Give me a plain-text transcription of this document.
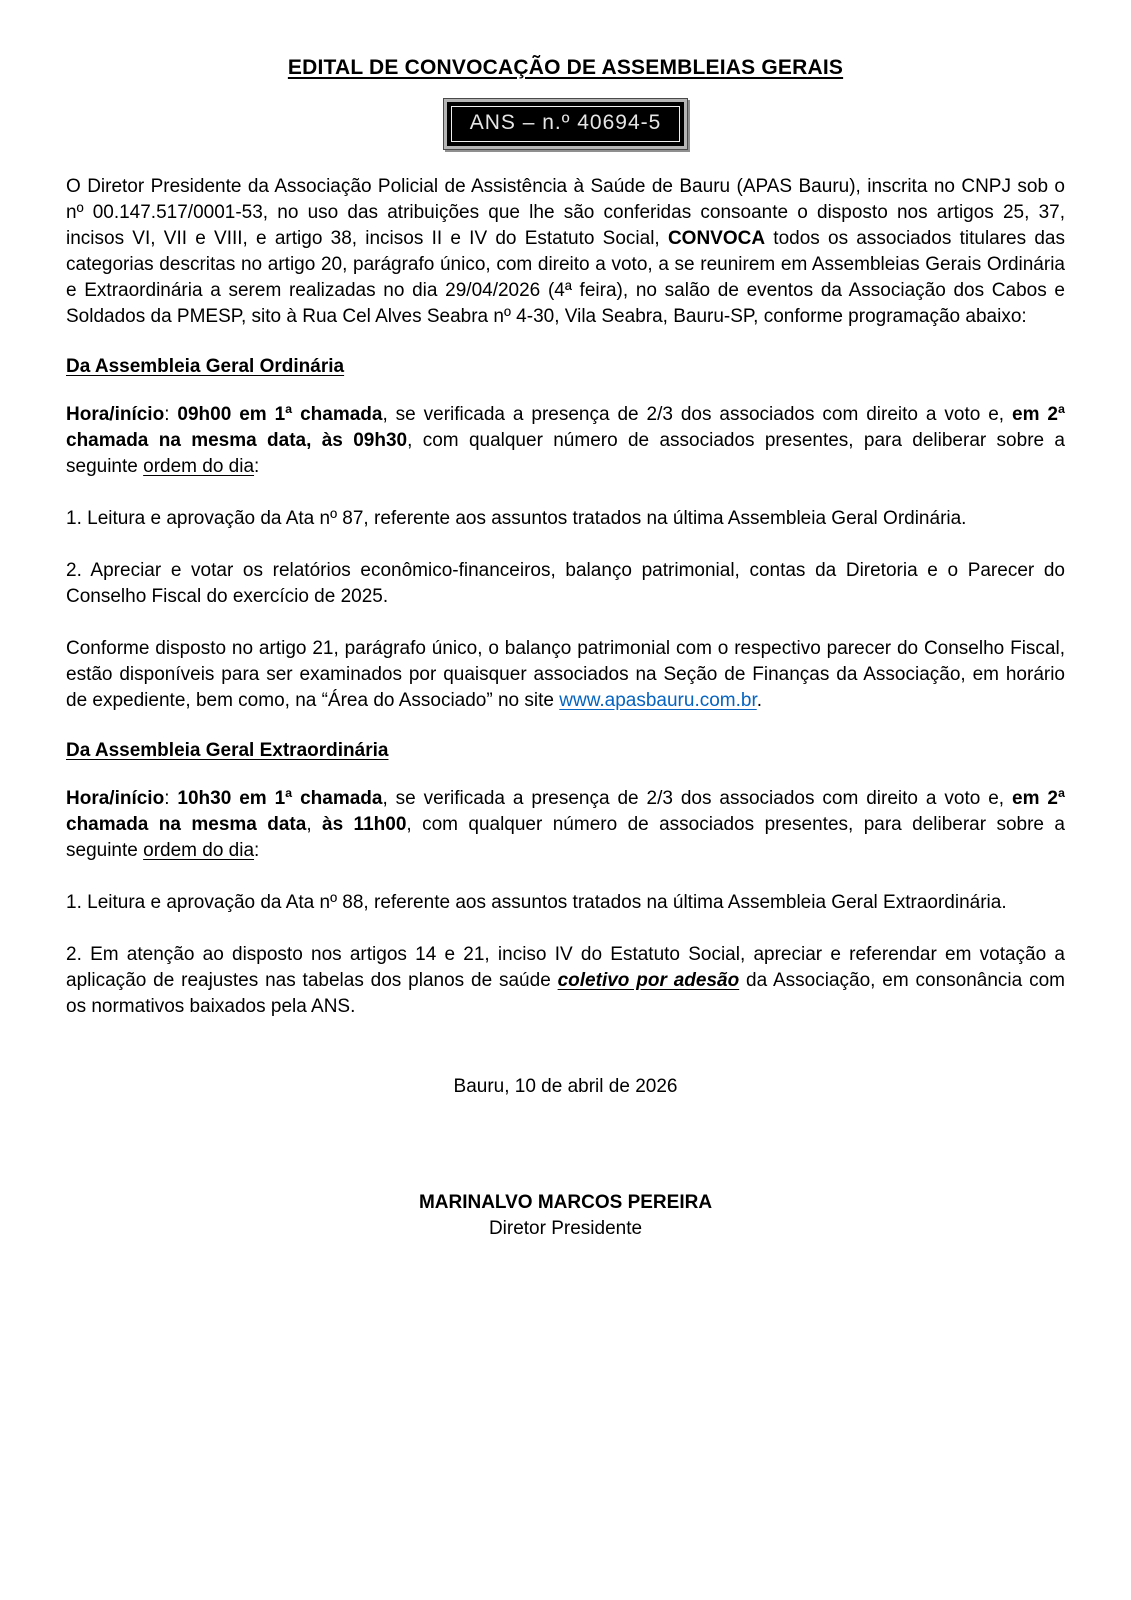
EDITAL DE CONVOCAÇÃO DE ASSEMBLEIAS GERAIS
ANS – n.º 40694-5

O Diretor Presidente da Associação Policial de Assistência à Saúde de Bauru (APAS Bauru), inscrita no CNPJ sob o nº 00.147.517/0001-53, no uso das atribuições que lhe são conferidas consoante o disposto nos artigos 25, 37, incisos VI, VII e VIII, e artigo 38, incisos II e IV do Estatuto Social, CONVOCA todos os associados titulares das categorias descritas no artigo 20, parágrafo único, com direito a voto, a se reunirem em Assembleias Gerais Ordinária e Extraordinária a serem realizadas no dia 29/04/2026 (4ª feira), no salão de eventos da Associação dos Cabos e Soldados da PMESP, sito à Rua Cel Alves Seabra nº 4-30, Vila Seabra, Bauru-SP, conforme programação abaixo:

Da Assembleia Geral Ordinária

Hora/início: 09h00 em 1ª chamada, se verificada a presença de 2/3 dos associados com direito a voto e, em 2ª chamada na mesma data, às 09h30, com qualquer número de associados presentes, para deliberar sobre a seguinte ordem do dia:

1. Leitura e aprovação da Ata nº 87, referente aos assuntos tratados na última Assembleia Geral Ordinária.

2. Apreciar e votar os relatórios econômico-financeiros, balanço patrimonial, contas da Diretoria e o Parecer do Conselho Fiscal do exercício de 2025.

Conforme disposto no artigo 21, parágrafo único, o balanço patrimonial com o respectivo parecer do Conselho Fiscal, estão disponíveis para ser examinados por quaisquer associados na Seção de Finanças da Associação, em horário de expediente, bem como, na “Área do Associado” no site www.apasbauru.com.br.

Da Assembleia Geral Extraordinária

Hora/início: 10h30 em 1ª chamada, se verificada a presença de 2/3 dos associados com direito a voto e, em 2ª chamada na mesma data, às 11h00, com qualquer número de associados presentes, para deliberar sobre a seguinte ordem do dia:

1. Leitura e aprovação da Ata nº 88, referente aos assuntos tratados na última Assembleia Geral Extraordinária.

2. Em atenção ao disposto nos artigos 14 e 21, inciso IV do Estatuto Social, apreciar e referendar em votação a aplicação de reajustes nas tabelas dos planos de saúde coletivo por adesão da Associação, em consonância com os normativos baixados pela ANS.

Bauru, 10 de abril de 2026

MARINALVO MARCOS PEREIRA
Diretor Presidente
